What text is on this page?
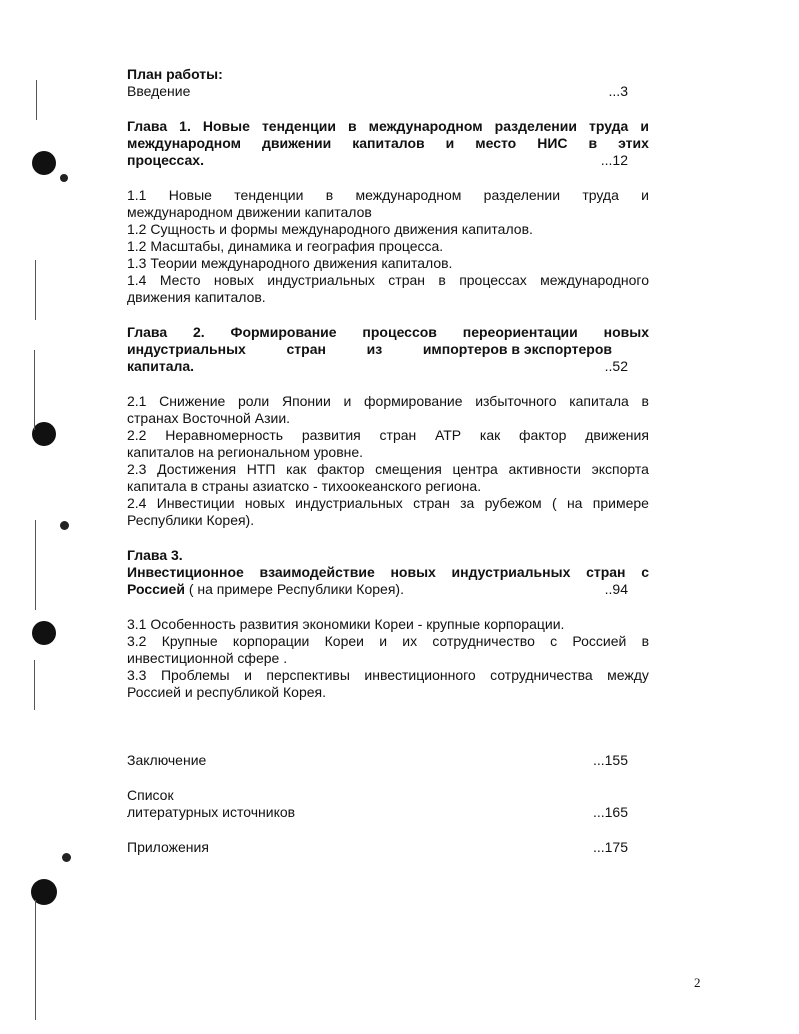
План работы:
Введение	...3
Глава 1. Новые тенденции в международном разделении труда и
международном движении капиталов и место НИС в этих
процессах.	...12
1.1 Новые тенденции в международном разделении труда и
международном движении капиталов
1.2 Сущность и формы международного движения капиталов.
1.2 Масштабы, динамика и география процесса.
1.3 Теории международного движения капиталов.
1.4 Место новых индустриальных стран в процессах международного
движения капиталов.
Глава 2. Формирование процессов переориентации новых
индустриальных	стран	из	импортеров в экспортеров
капитала.	..52
2.1 Снижение роли Японии и формирование избыточного капитала в
странах Восточной Азии.
2.2 Неравномерность развития стран АТР как фактор движения
капиталов на региональном уровне.
2.3 Достижения НТП как фактор смещения центра активности экспорта
капитала в страны азиатско - тихоокеанского региона.
2.4 Инвестиции новых индустриальных стран за рубежом ( на примере
Республики Корея).
Глава 3.
Инвестиционное взаимодействие новых индустриальных стран с
Россией ( на примере Республики Корея).	..94
3.1 Особенность развития экономики Кореи - крупные корпорации.
3.2 Крупные корпорации Кореи и их сотрудничество с Россией в
инвестиционной сфере .
3.3 Проблемы и перспективы инвестиционного сотрудничества между
Россией и республикой Корея.
Заключение	...155
Список
литературных источников	...165
Приложения	...175
2
